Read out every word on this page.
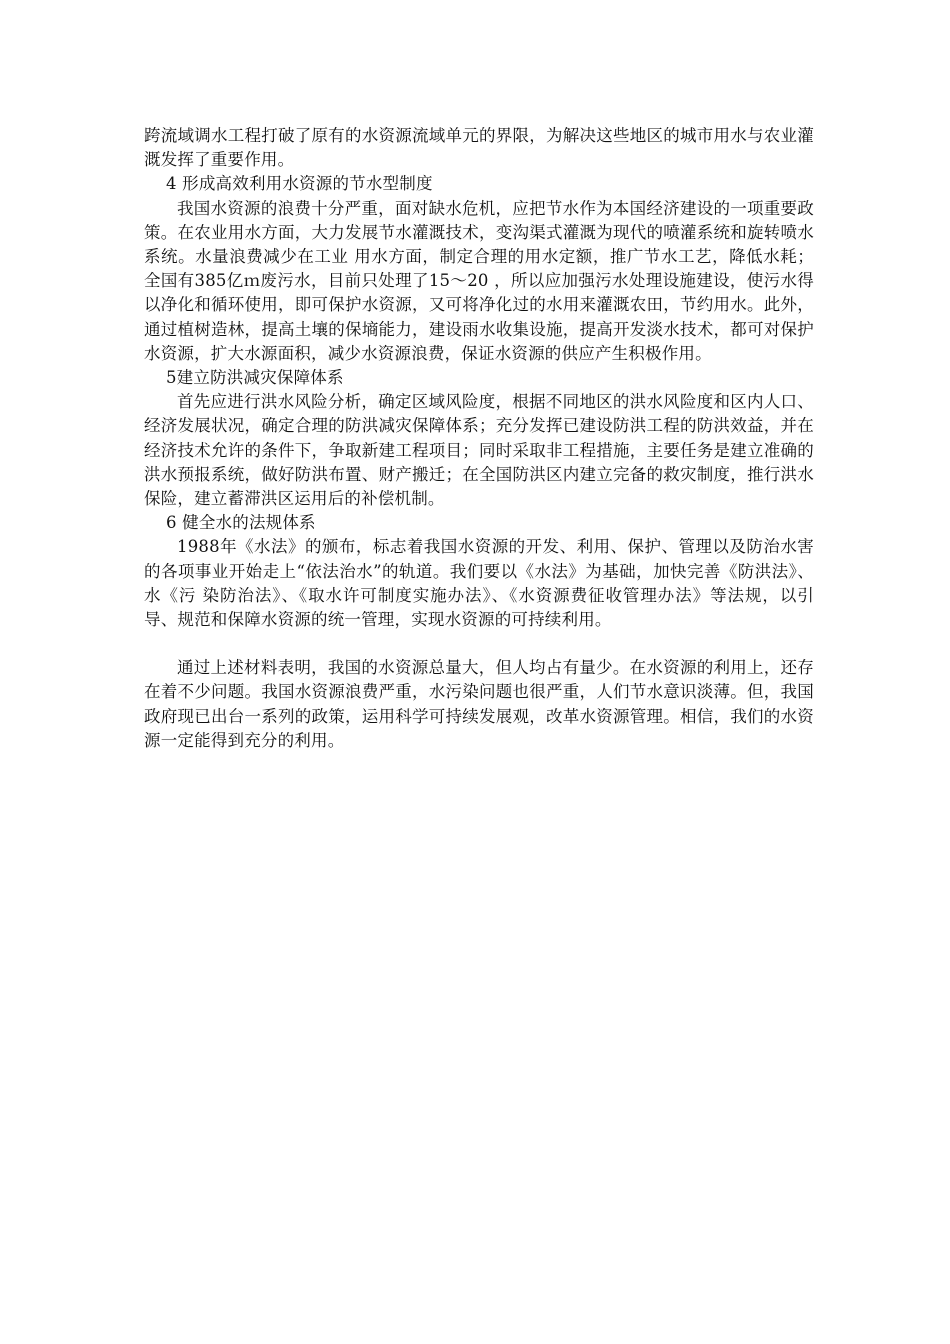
跨流域调水工程打破了原有的水资源流域单元的界限，为解决这些地区的城市用水与农业灌溉发挥了重要作用。

4 形成高效利用水资源的节水型制度

我国水资源的浪费十分严重，面对缺水危机，应把节水作为本国经济建设的一项重要政策。在农业用水方面，大力发展节水灌溉技术，变沟渠式灌溉为现代的喷灌系统和旋转喷水系统。水量浪费减少在工业 用水方面，制定合理的用水定额，推广节水工艺，降低水耗；全国有385亿ｍ废污水，目前只处理了15～20 ，所以应加强污水处理设施建设，使污水得以净化和循环使用，即可保护水资源，又可将净化过的水用来灌溉农田，节约用水。此外，通过植树造林，提高土壤的保墒能力，建设雨水收集设施，提高开发淡水技术，都可对保护水资源，扩大水源面积，减少水资源浪费，保证水资源的供应产生积极作用。

5建立防洪减灾保障体系

首先应进行洪水风险分析，确定区域风险度，根据不同地区的洪水风险度和区内人口、经济发展状况，确定合理的防洪减灾保障体系；充分发挥已建设防洪工程的防洪效益，并在经济技术允许的条件下，争取新建工程项目；同时采取非工程措施，主要任务是建立准确的洪水预报系统，做好防洪布置、财产搬迁；在全国防洪区内建立完备的救灾制度，推行洪水保险，建立蓄滞洪区运用后的补偿机制。

6 健全水的法规体系

1988年《水法》的颁布，标志着我国水资源的开发、利用、保护、管理以及防治水害的各项事业开始走上“依法治水”的轨道。我们要以《水法》为基础，加快完善《防洪法》、水《污 染防治法》、《取水许可制度实施办法》、《水资源费征收管理办法》等法规，以引导、规范和保障水资源的统一管理，实现水资源的可持续利用。

通过上述材料表明，我国的水资源总量大，但人均占有量少。在水资源的利用上，还存在着不少问题。我国水资源浪费严重，水污染问题也很严重，人们节水意识淡薄。但，我国政府现已出台一系列的政策，运用科学可持续发展观，改革水资源管理。相信，我们的水资源一定能得到充分的利用。
